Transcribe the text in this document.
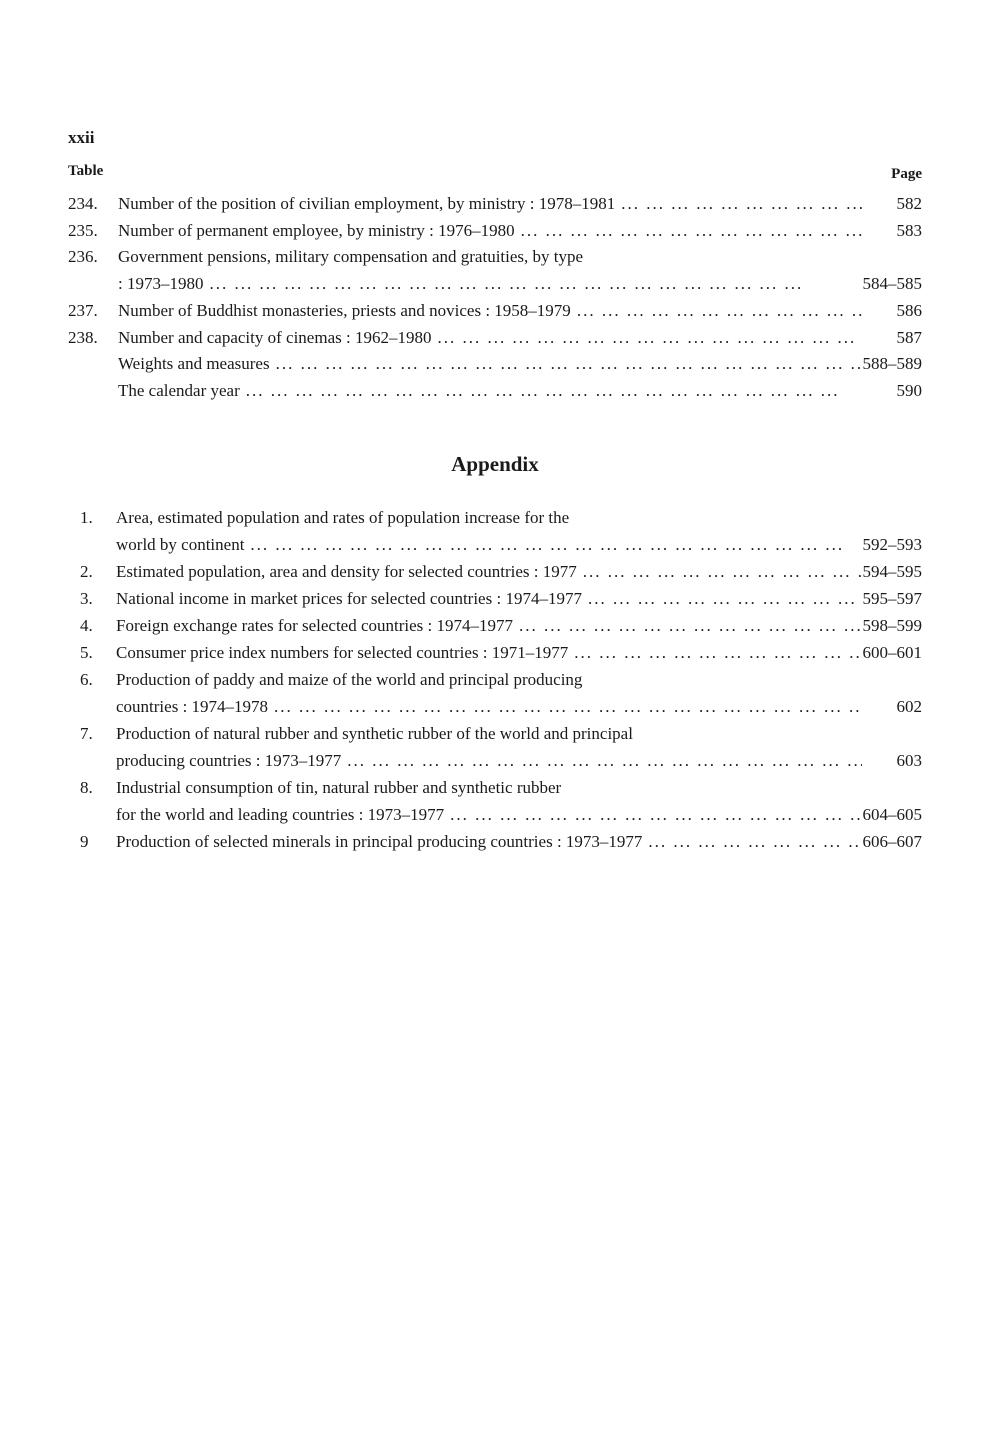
xxii
Table	Page
234.	Number of the position of civilian employment, by ministry : 1978–1981 ... .	582
235.	Number of permanent employee, by ministry : 1976–1980 ... .	583
236.	Government pensions, military compensation and gratuities, by type
: 1973–1980 ... .	584–585
237.	Number of Buddhist monasteries, priests and novices : 1958–1979 ... .	586
238.	Number and capacity of cinemas : 1962–1980 ... .	587
Weights and measures ... .	588–589
The calendar year ... .	590
Appendix
1.	Area, estimated population and rates of population increase for the
world by continent ... .	592–593
2.	Estimated population, area and density for selected countries : 1977 ... .	594–595
3.	National income in market prices for selected countries : 1974–1977 ... .	595–597
4.	Foreign exchange rates for selected countries : 1974–1977 ... .	598–599
5.	Consumer price index numbers for selected countries : 1971–1977 ... .	600–601
6.	Production of paddy and maize of the world and principal producing
countries : 1974–1978 ... .	602
7.	Production of natural rubber and synthetic rubber of the world and principal
producing countries : 1973–1977 ... .	603
8.	Industrial consumption of tin, natural rubber and synthetic rubber
for the world and leading countries : 1973–1977 ... .	604–605
9	Production of selected minerals in principal producing countries : 1973–1977 ... .	606–607
